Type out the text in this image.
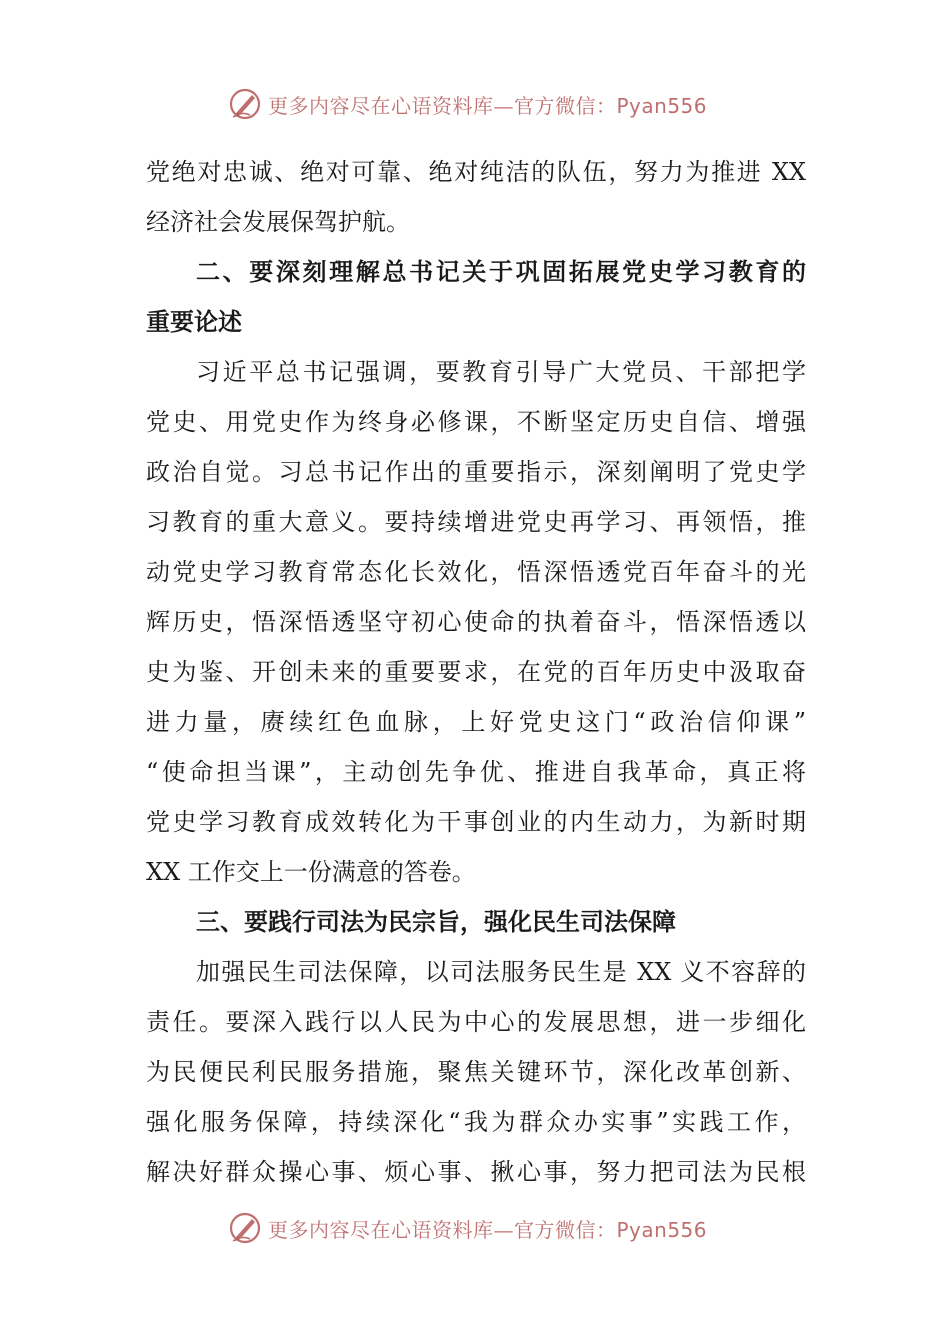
更多内容尽在心语资料库—官方微信：Pyan556
党绝对忠诚、绝对可靠、绝对纯洁的队伍，努力为推进 XX
经济社会发展保驾护航。
二、要深刻理解总书记关于巩固拓展党史学习教育的
重要论述
习近平总书记强调，要教育引导广大党员、干部把学
党史、用党史作为终身必修课，不断坚定历史自信、增强
政治自觉。习总书记作出的重要指示，深刻阐明了党史学
习教育的重大意义。要持续增进党史再学习、再领悟，推
动党史学习教育常态化长效化，悟深悟透党百年奋斗的光
辉历史，悟深悟透坚守初心使命的执着奋斗，悟深悟透以
史为鉴、开创未来的重要要求，在党的百年历史中汲取奋
进力量，赓续红色血脉，上好党史这门“政治信仰课”
“使命担当课”，主动创先争优、推进自我革命，真正将
党史学习教育成效转化为干事创业的内生动力，为新时期
XX 工作交上一份满意的答卷。
三、要践行司法为民宗旨，强化民生司法保障
加强民生司法保障，以司法服务民生是 XX 义不容辞的
责任。要深入践行以人民为中心的发展思想，进一步细化
为民便民利民服务措施，聚焦关键环节，深化改革创新、
强化服务保障，持续深化“我为群众办实事”实践工作，
解决好群众操心事、烦心事、揪心事，努力把司法为民根
更多内容尽在心语资料库—官方微信：Pyan556
